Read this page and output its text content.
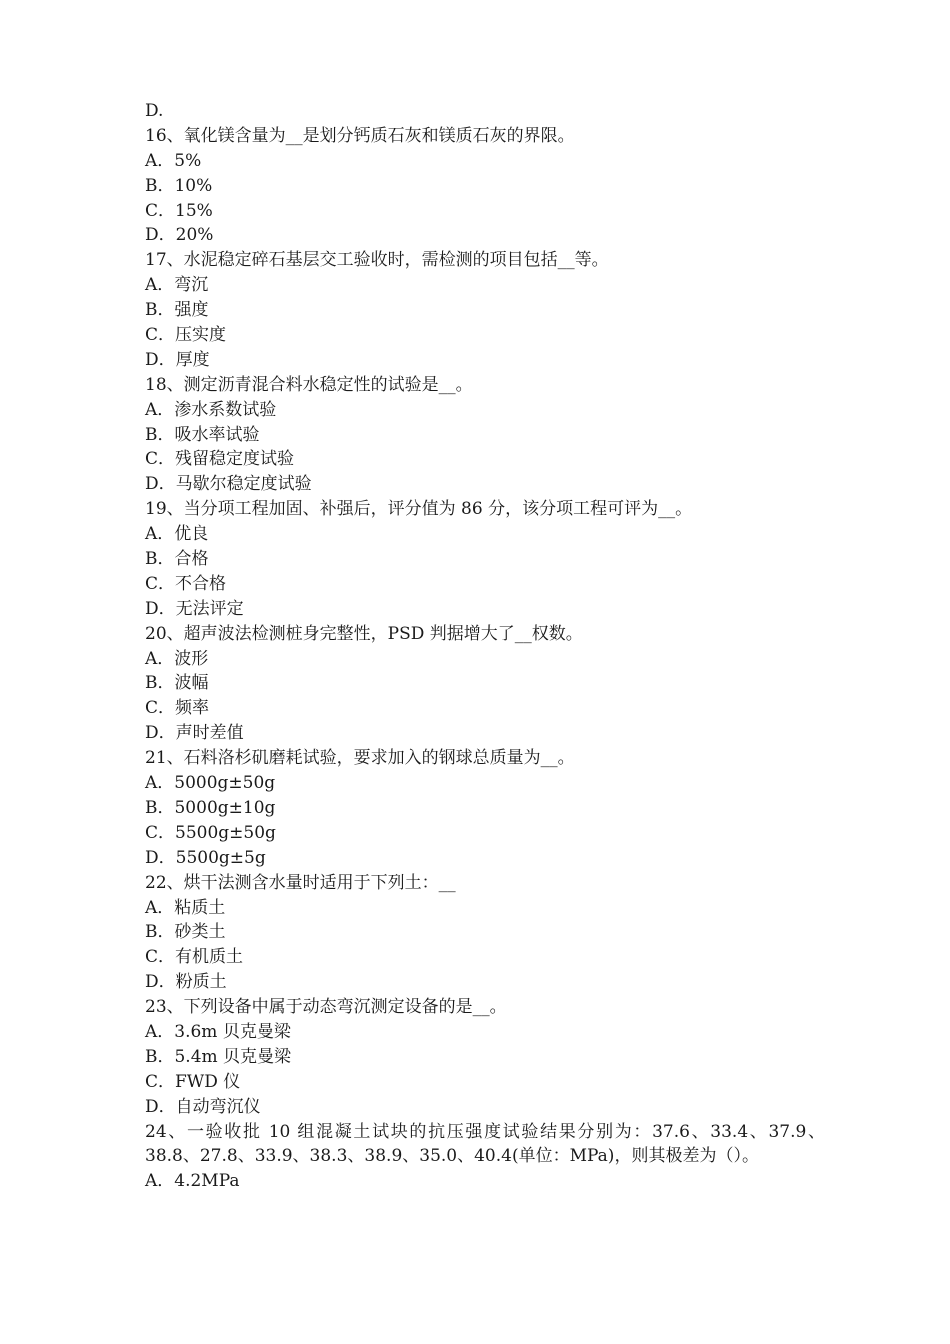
D.
16、氧化镁含量为__是划分钙质石灰和镁质石灰的界限。
A．5%
B．10%
C．15%
D．20%
17、水泥稳定碎石基层交工验收时，需检测的项目包括__等。
A．弯沉
B．强度
C．压实度
D．厚度
18、测定沥青混合料水稳定性的试验是__。
A．渗水系数试验
B．吸水率试验
C．残留稳定度试验
D．马歇尔稳定度试验
19、当分项工程加固、补强后，评分值为 86 分，该分项工程可评为__。
A．优良
B．合格
C．不合格
D．无法评定
20、超声波法检测桩身完整性，PSD 判据增大了__权数。
A．波形
B．波幅
C．频率
D．声时差值
21、石料洛杉矶磨耗试验，要求加入的钢球总质量为__。
A．5000g±50g
B．5000g±10g
C．5500g±50g
D．5500g±5g
22、烘干法测含水量时适用于下列土：__
A．粘质土
B．砂类土
C．有机质土
D．粉质土
23、下列设备中属于动态弯沉测定设备的是__。
A．3.6m 贝克曼梁
B．5.4m 贝克曼梁
C．FWD 仪
D．自动弯沉仪
24、一验收批 10 组混凝土试块的抗压强度试验结果分别为：37.6、33.4、37.9、38.8、27.8、33.9、38.3、38.9、35.0、40.4(单位：MPa)，则其极差为（）。
A．4.2MPa
